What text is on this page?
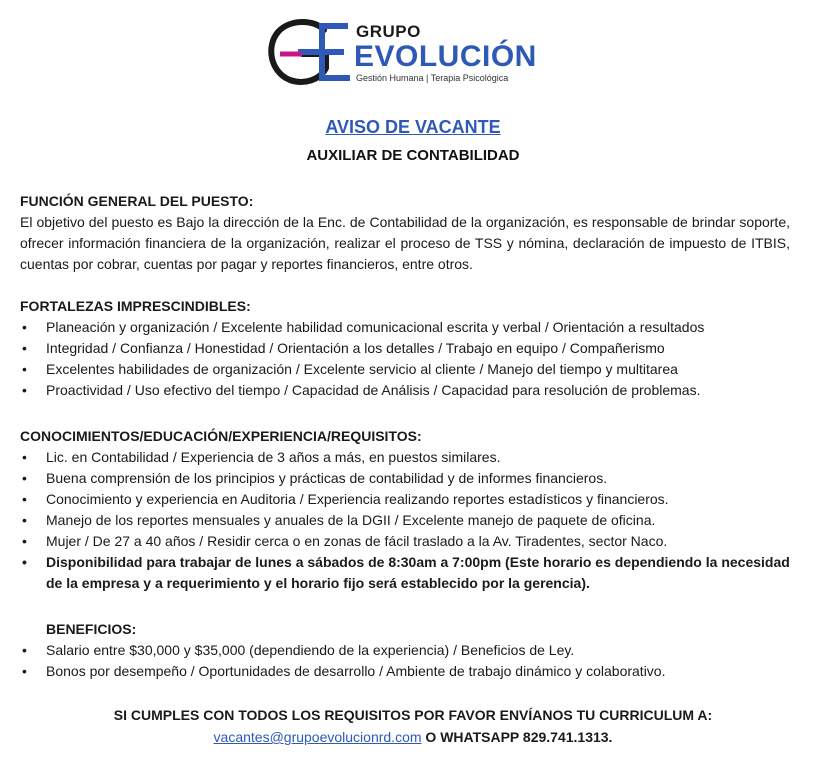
GRUPO
EVOLUCIÓN
Gestión Humana | Terapia Psicológica
AVISO DE VACANTE
AUXILIAR DE CONTABILIDAD
FUNCIÓN GENERAL DEL PUESTO:
El objetivo del puesto es Bajo la dirección de la Enc. de Contabilidad de la organización, es responsable de brindar soporte, ofrecer información financiera de la organización, realizar el proceso de TSS y nómina, declaración de impuesto de ITBIS, cuentas por cobrar, cuentas por pagar y reportes financieros, entre otros.
FORTALEZAS IMPRESCINDIBLES:
• Planeación y organización / Excelente habilidad comunicacional escrita y verbal / Orientación a resultados
• Integridad / Confianza / Honestidad / Orientación a los detalles / Trabajo en equipo / Compañerismo
• Excelentes habilidades de organización / Excelente servicio al cliente / Manejo del tiempo y multitarea
• Proactividad / Uso efectivo del tiempo / Capacidad de Análisis / Capacidad para resolución de problemas.
CONOCIMIENTOS/EDUCACIÓN/EXPERIENCIA/REQUISITOS:
• Lic. en Contabilidad / Experiencia de 3 años a más, en puestos similares.
• Buena comprensión de los principios y prácticas de contabilidad y de informes financieros.
• Conocimiento y experiencia en Auditoria / Experiencia realizando reportes estadísticos y financieros.
• Manejo de los reportes mensuales y anuales de la DGII / Excelente manejo de paquete de oficina.
• Mujer / De 27 a 40 años / Residir cerca o en zonas de fácil traslado a la Av. Tiradentes, sector Naco.
• Disponibilidad para trabajar de lunes a sábados de 8:30am a 7:00pm (Este horario es dependiendo la necesidad de la empresa y a requerimiento y el horario fijo será establecido por la gerencia).
BENEFICIOS:
• Salario entre $30,000 y $35,000 (dependiendo de la experiencia) / Beneficios de Ley.
• Bonos por desempeño / Oportunidades de desarrollo / Ambiente de trabajo dinámico y colaborativo.
SI CUMPLES CON TODOS LOS REQUISITOS POR FAVOR ENVÍANOS TU CURRICULUM A:
vacantes@grupoevolucionrd.com O WHATSAPP 829.741.1313.
